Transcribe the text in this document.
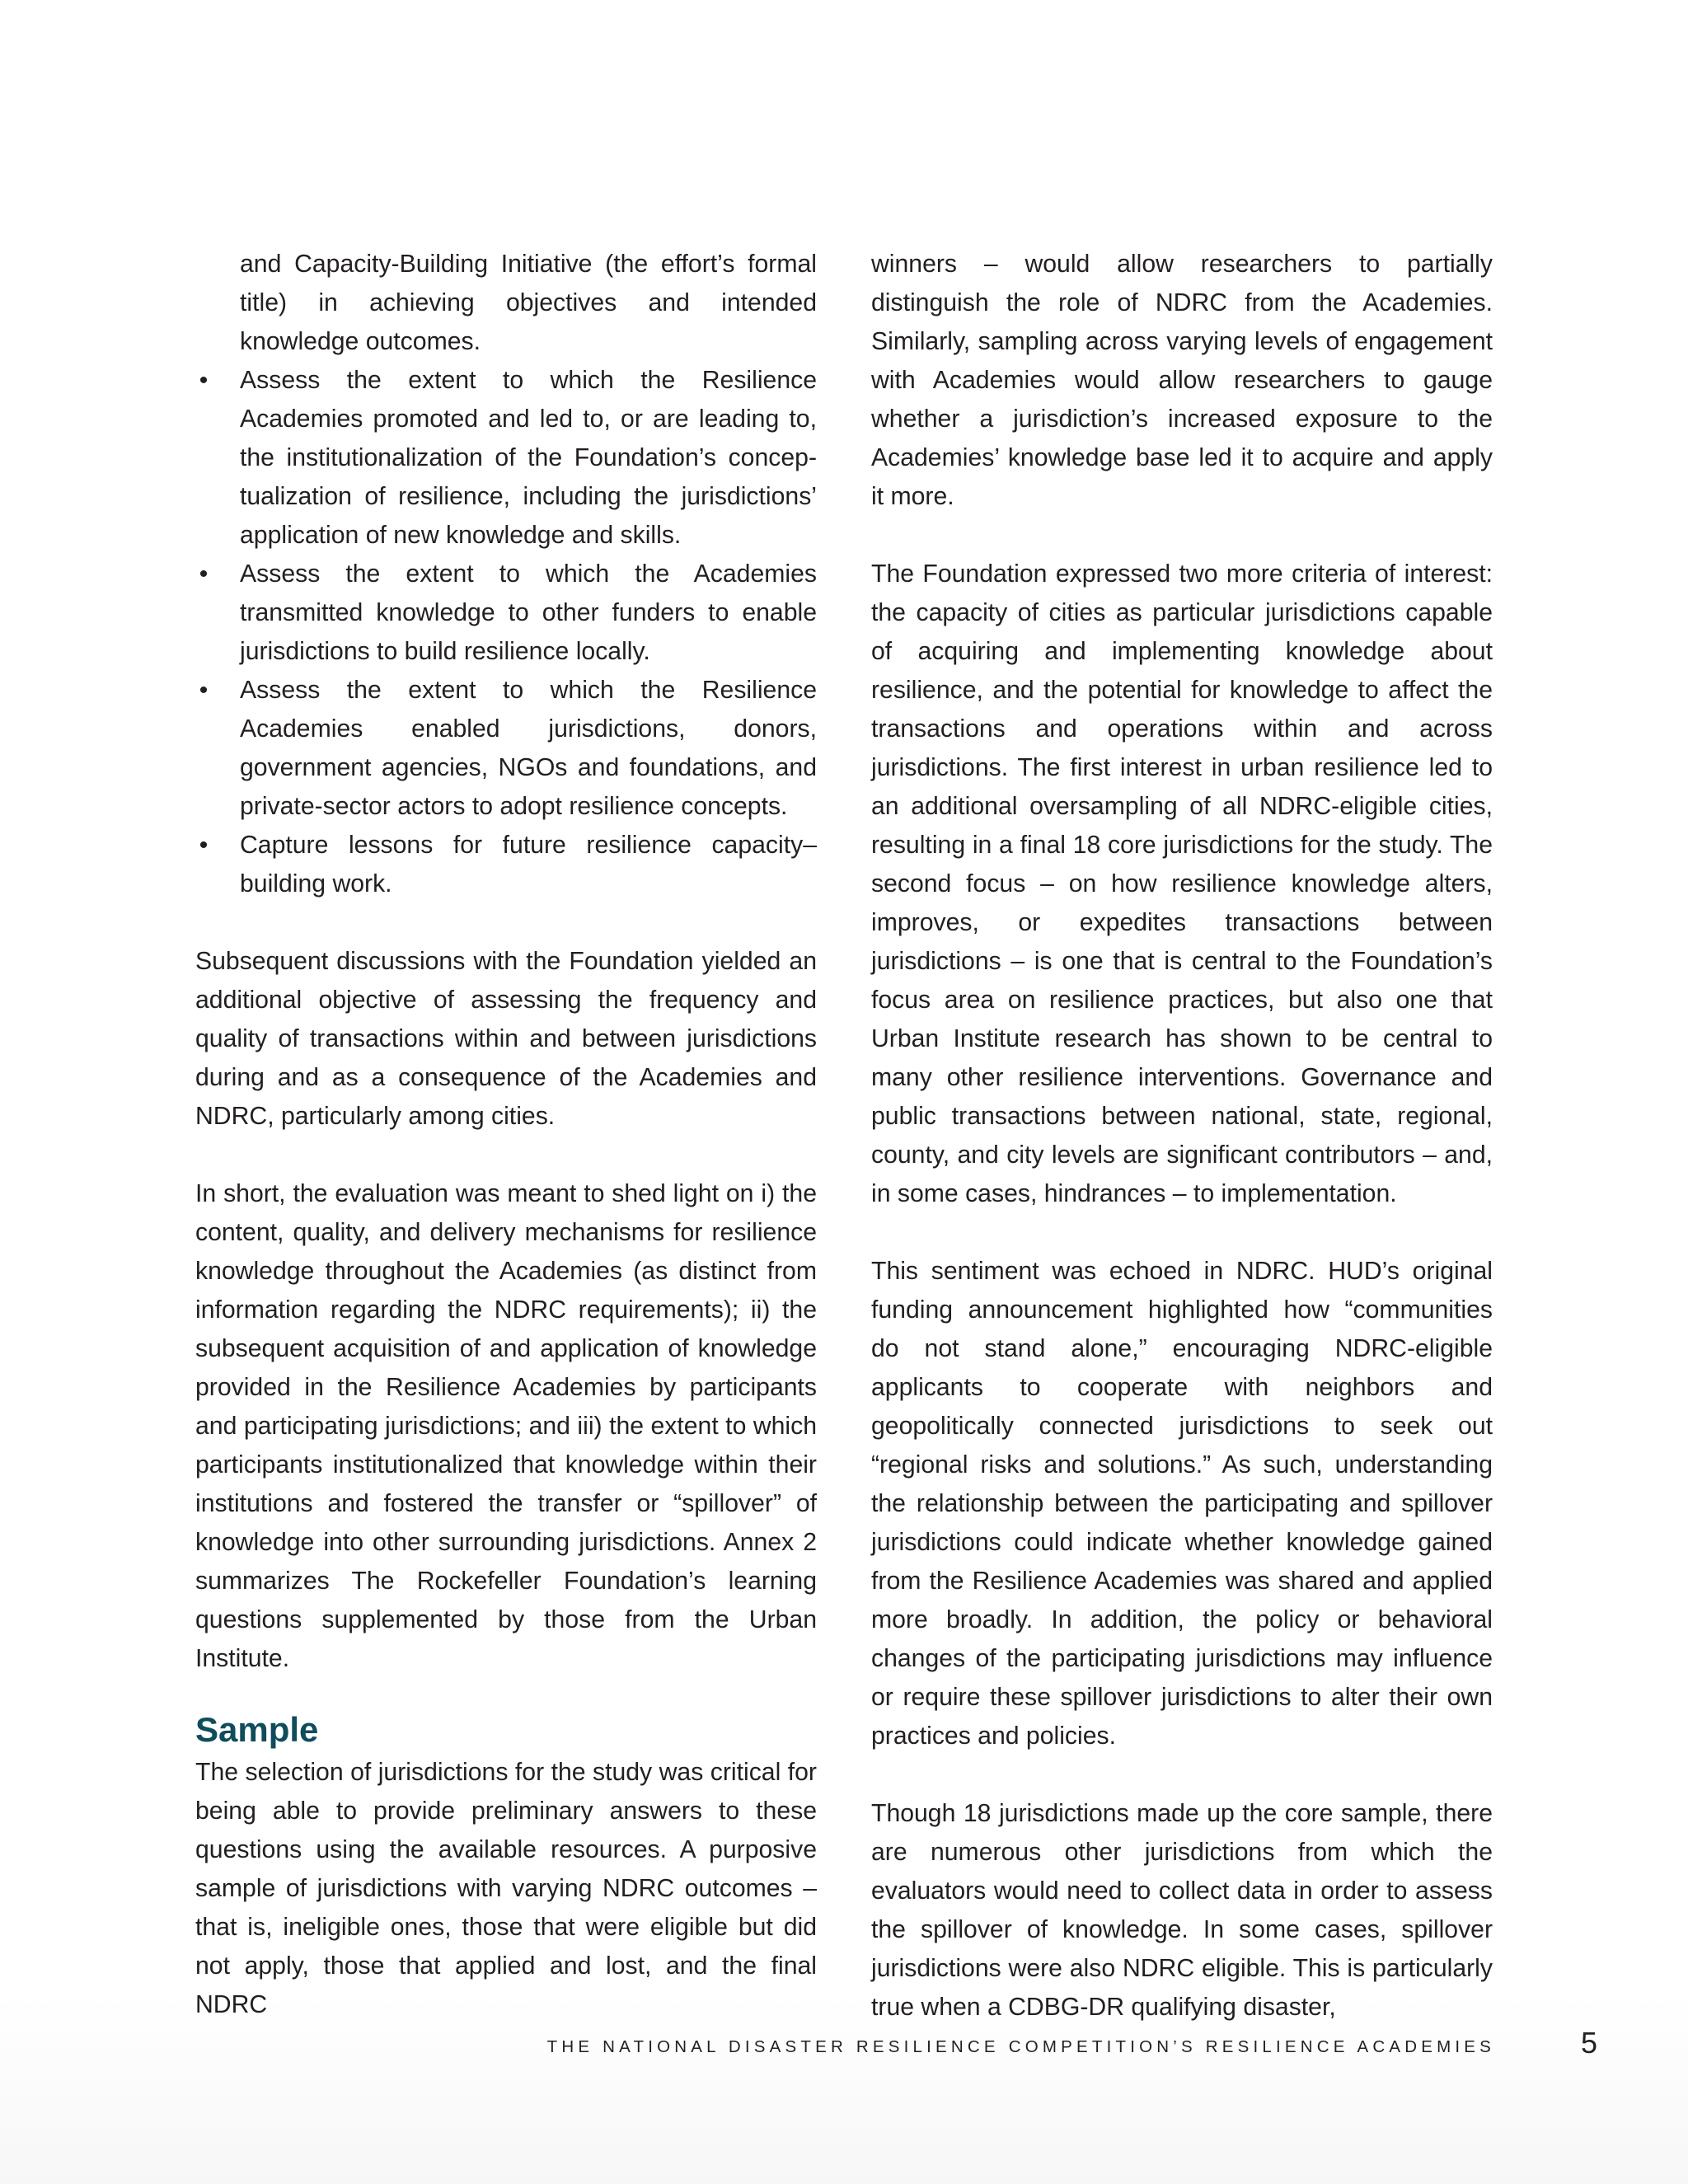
and Capacity-Building Initiative (the effort’s formal title) in achieving objectives and intended knowledge outcomes.

• Assess the extent to which the Resilience Academies promoted and led to, or are leading to, the institutionalization of the Foundation’s conceptualization of resilience, including the jurisdictions’ application of new knowledge and skills.
• Assess the extent to which the Academies transmitted knowledge to other funders to enable jurisdictions to build resilience locally.
• Assess the extent to which the Resilience Academies enabled jurisdictions, donors, government agencies, NGOs and foundations, and private-sector actors to adopt resilience concepts.
• Capture lessons for future resilience capacity–building work.

Subsequent discussions with the Foundation yielded an additional objective of assessing the frequency and quality of transactions within and between jurisdictions during and as a consequence of the Academies and NDRC, particularly among cities.

In short, the evaluation was meant to shed light on i) the content, quality, and delivery mechanisms for resilience knowledge throughout the Academies (as distinct from information regarding the NDRC requirements); ii) the subsequent acquisition of and application of knowledge provided in the Resilience Academies by participants and participating jurisdictions; and iii) the extent to which participants institutionalized that knowledge within their institutions and fostered the transfer or “spillover” of knowledge into other surrounding jurisdictions. Annex 2 summarizes The Rockefeller Foundation’s learning questions supplemented by those from the Urban Institute.

Sample

The selection of jurisdictions for the study was critical for being able to provide preliminary answers to these questions using the available resources. A purposive sample of jurisdictions with varying NDRC outcomes – that is, ineligible ones, those that were eligible but did not apply, those that applied and lost, and the final NDRC

winners – would allow researchers to partially distinguish the role of NDRC from the Academies. Similarly, sampling across varying levels of engagement with Academies would allow researchers to gauge whether a jurisdiction’s increased exposure to the Academies’ knowledge base led it to acquire and apply it more.

The Foundation expressed two more criteria of interest: the capacity of cities as particular jurisdictions capable of acquiring and implementing knowledge about resilience, and the potential for knowledge to affect the transactions and operations within and across jurisdictions. The first interest in urban resilience led to an additional oversampling of all NDRC-eligible cities, resulting in a final 18 core jurisdictions for the study. The second focus – on how resilience knowledge alters, improves, or expedites transactions between jurisdictions – is one that is central to the Foundation’s focus area on resilience practices, but also one that Urban Institute research has shown to be central to many other resilience interventions. Governance and public transactions between national, state, regional, county, and city levels are significant contributors – and, in some cases, hindrances – to implementation.

This sentiment was echoed in NDRC. HUD’s original funding announcement highlighted how “communities do not stand alone,” encouraging NDRC-eligible applicants to cooperate with neighbors and geopolitically connected jurisdictions to seek out “regional risks and solutions.” As such, understanding the relationship between the participating and spillover jurisdictions could indicate whether knowledge gained from the Resilience Academies was shared and applied more broadly. In addition, the policy or behavioral changes of the participating jurisdictions may influence or require these spillover jurisdictions to alter their own practices and policies.

Though 18 jurisdictions made up the core sample, there are numerous other jurisdictions from which the evaluators would need to collect data in order to assess the spillover of knowledge. In some cases, spillover jurisdictions were also NDRC eligible. This is particularly true when a CDBG-DR qualifying disaster,

THE NATIONAL DISASTER RESILIENCE COMPETITION’S RESILIENCE ACADEMIES	5
